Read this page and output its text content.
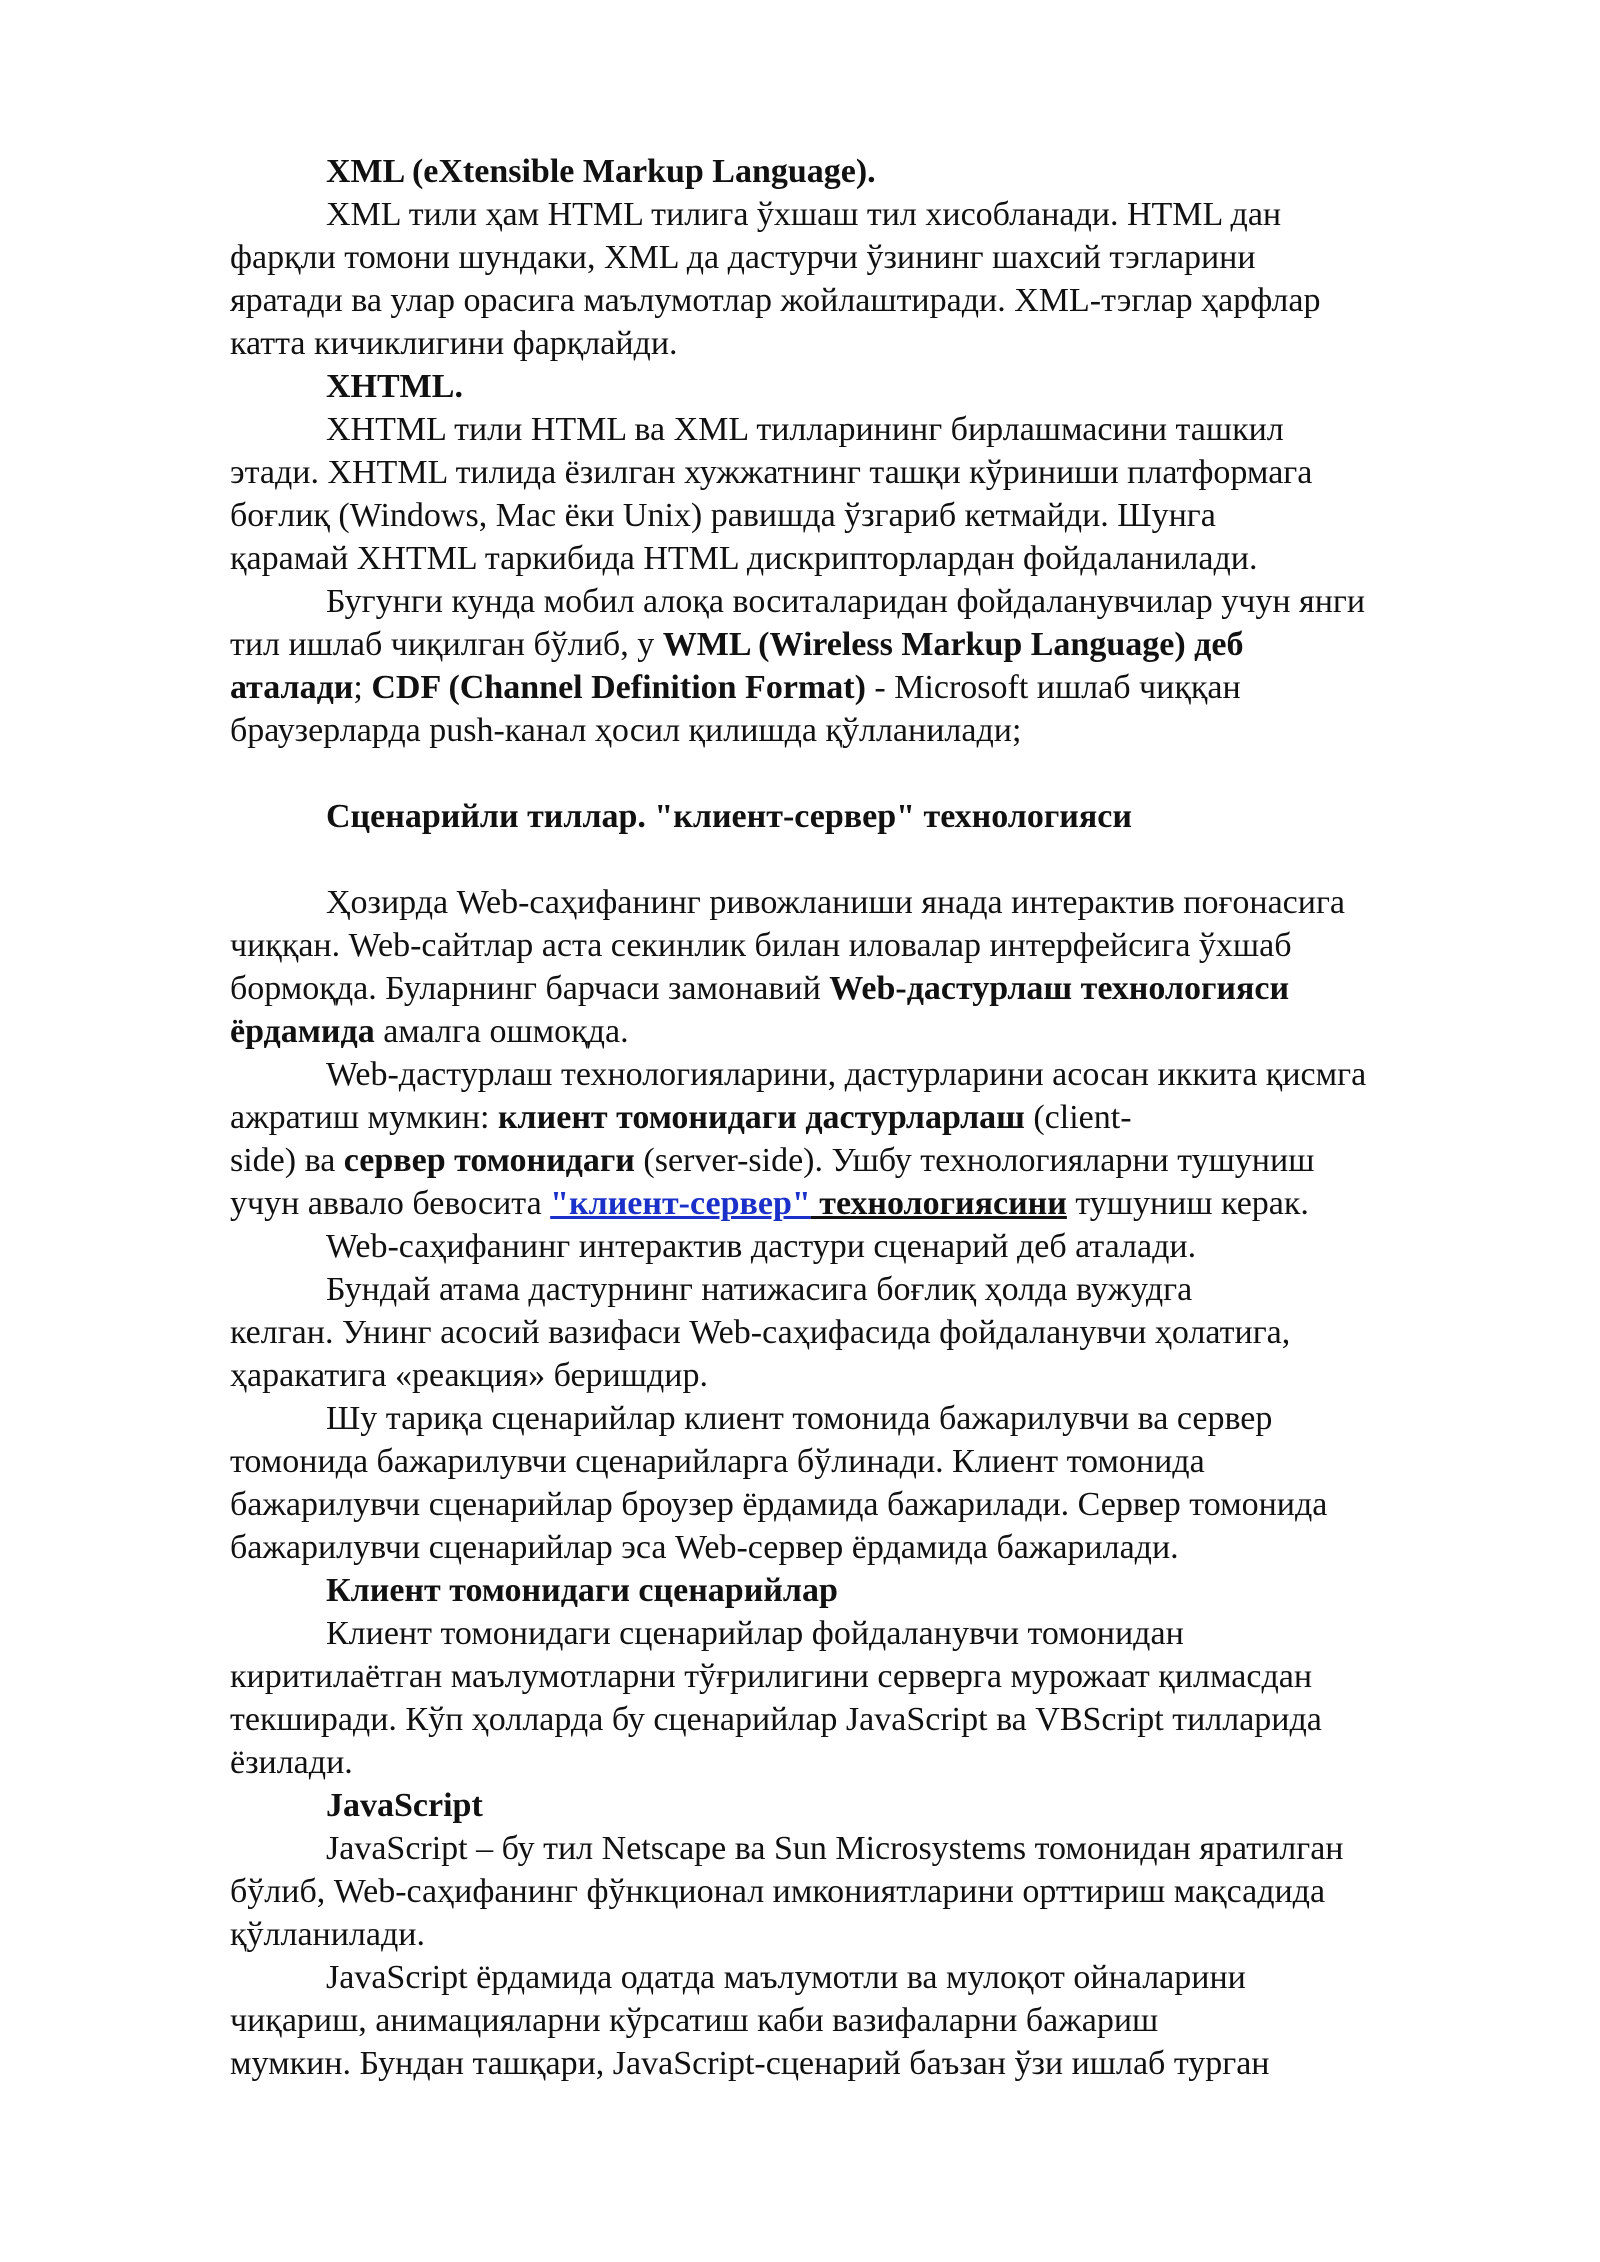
XML (eXtensible Markup Language).
XML тили ҳам HTML тилига ўхшаш тил хисобланади. HTML дан
фарқли томони шундаки, XML да дастурчи ўзининг шахсий тэгларини
яратади ва улар орасига маълумотлар жойлаштиради. XML-тэглар ҳарфлар
катта кичиклигини фарқлайди.
XHTML.
XHTML тили HTML ва XML тилларининг бирлашмасини ташкил
этади. XHTML тилида ёзилган хужжатнинг ташқи кўриниши платформага
боғлиқ (Windows, Mac ёки Unix) равишда ўзгариб кетмайди. Шунга
қарамай XHTML таркибида HTML дискрипторлардан фойдаланилади.
Бугунги кунда мобил алоқа воситаларидан фойдаланувчилар учун янги
тил ишлаб чиқилган бўлиб, у WML (Wireless Markup Language) деб
аталади; CDF (Channel Definition Format) - Microsoft ишлаб чиққан
браузерларда push-канал ҳосил қилишда қўлланилади;
Сценарийли тиллар. "клиент-сервер" технологияси
Ҳозирда Web-саҳифанинг ривожланиши янада интерактив поғонасига
чиққан. Web-сайтлар аста секинлик билан иловалар интерфейсига ўхшаб
бормоқда. Буларнинг барчаси замонавий Web-дастурлаш технологияси
ёрдамида амалга ошмоқда.
Web-дастурлаш технологияларини, дастурларини асосан иккита қисмга
ажратиш мумкин: клиент томонидаги дастурларлаш (client-
side) ва сервер томонидаги (server-side). Ушбу технологияларни тушуниш
учун аввало бевосита "клиент-сервер" технологиясини тушуниш керак.
Web-саҳифанинг интерактив дастури сценарий деб аталади.
Бундай атама дастурнинг натижасига боғлиқ ҳолда вужудга
келган. Унинг асосий вазифаси Web-саҳифасида фойдаланувчи ҳолатига,
ҳаракатига «реакция» беришдир.
Шу тариқа сценарийлар клиент томонида бажарилувчи ва сервер
томонида бажарилувчи сценарийларга бўлинади. Клиент томонида
бажарилувчи сценарийлар броузер ёрдамида бажарилади. Сервер томонида
бажарилувчи сценарийлар эса Web-сервер ёрдамида бажарилади.
Клиент томонидаги сценарийлар
Клиент томонидаги сценарийлар фойдаланувчи томонидан
киритилаётган маълумотларни тўғрилигини серверга мурожаат қилмасдан
текширади. Кўп ҳолларда бу сценарийлар JavaScript ва VBScript тилларида
ёзилади.
JavaScript
JavaScript – бу тил Netscape ва Sun Microsystems томонидан яратилган
бўлиб, Web-саҳифанинг фўнкционал имкониятларини орттириш мақсадида
қўлланилади.
JavaScript ёрдамида одатда маълумотли ва мулоқот ойналарини
чиқариш, анимацияларни кўрсатиш каби вазифаларни бажариш
мумкин. Бундан ташқари, JavaScript-сценарий баъзан ўзи ишлаб турган
